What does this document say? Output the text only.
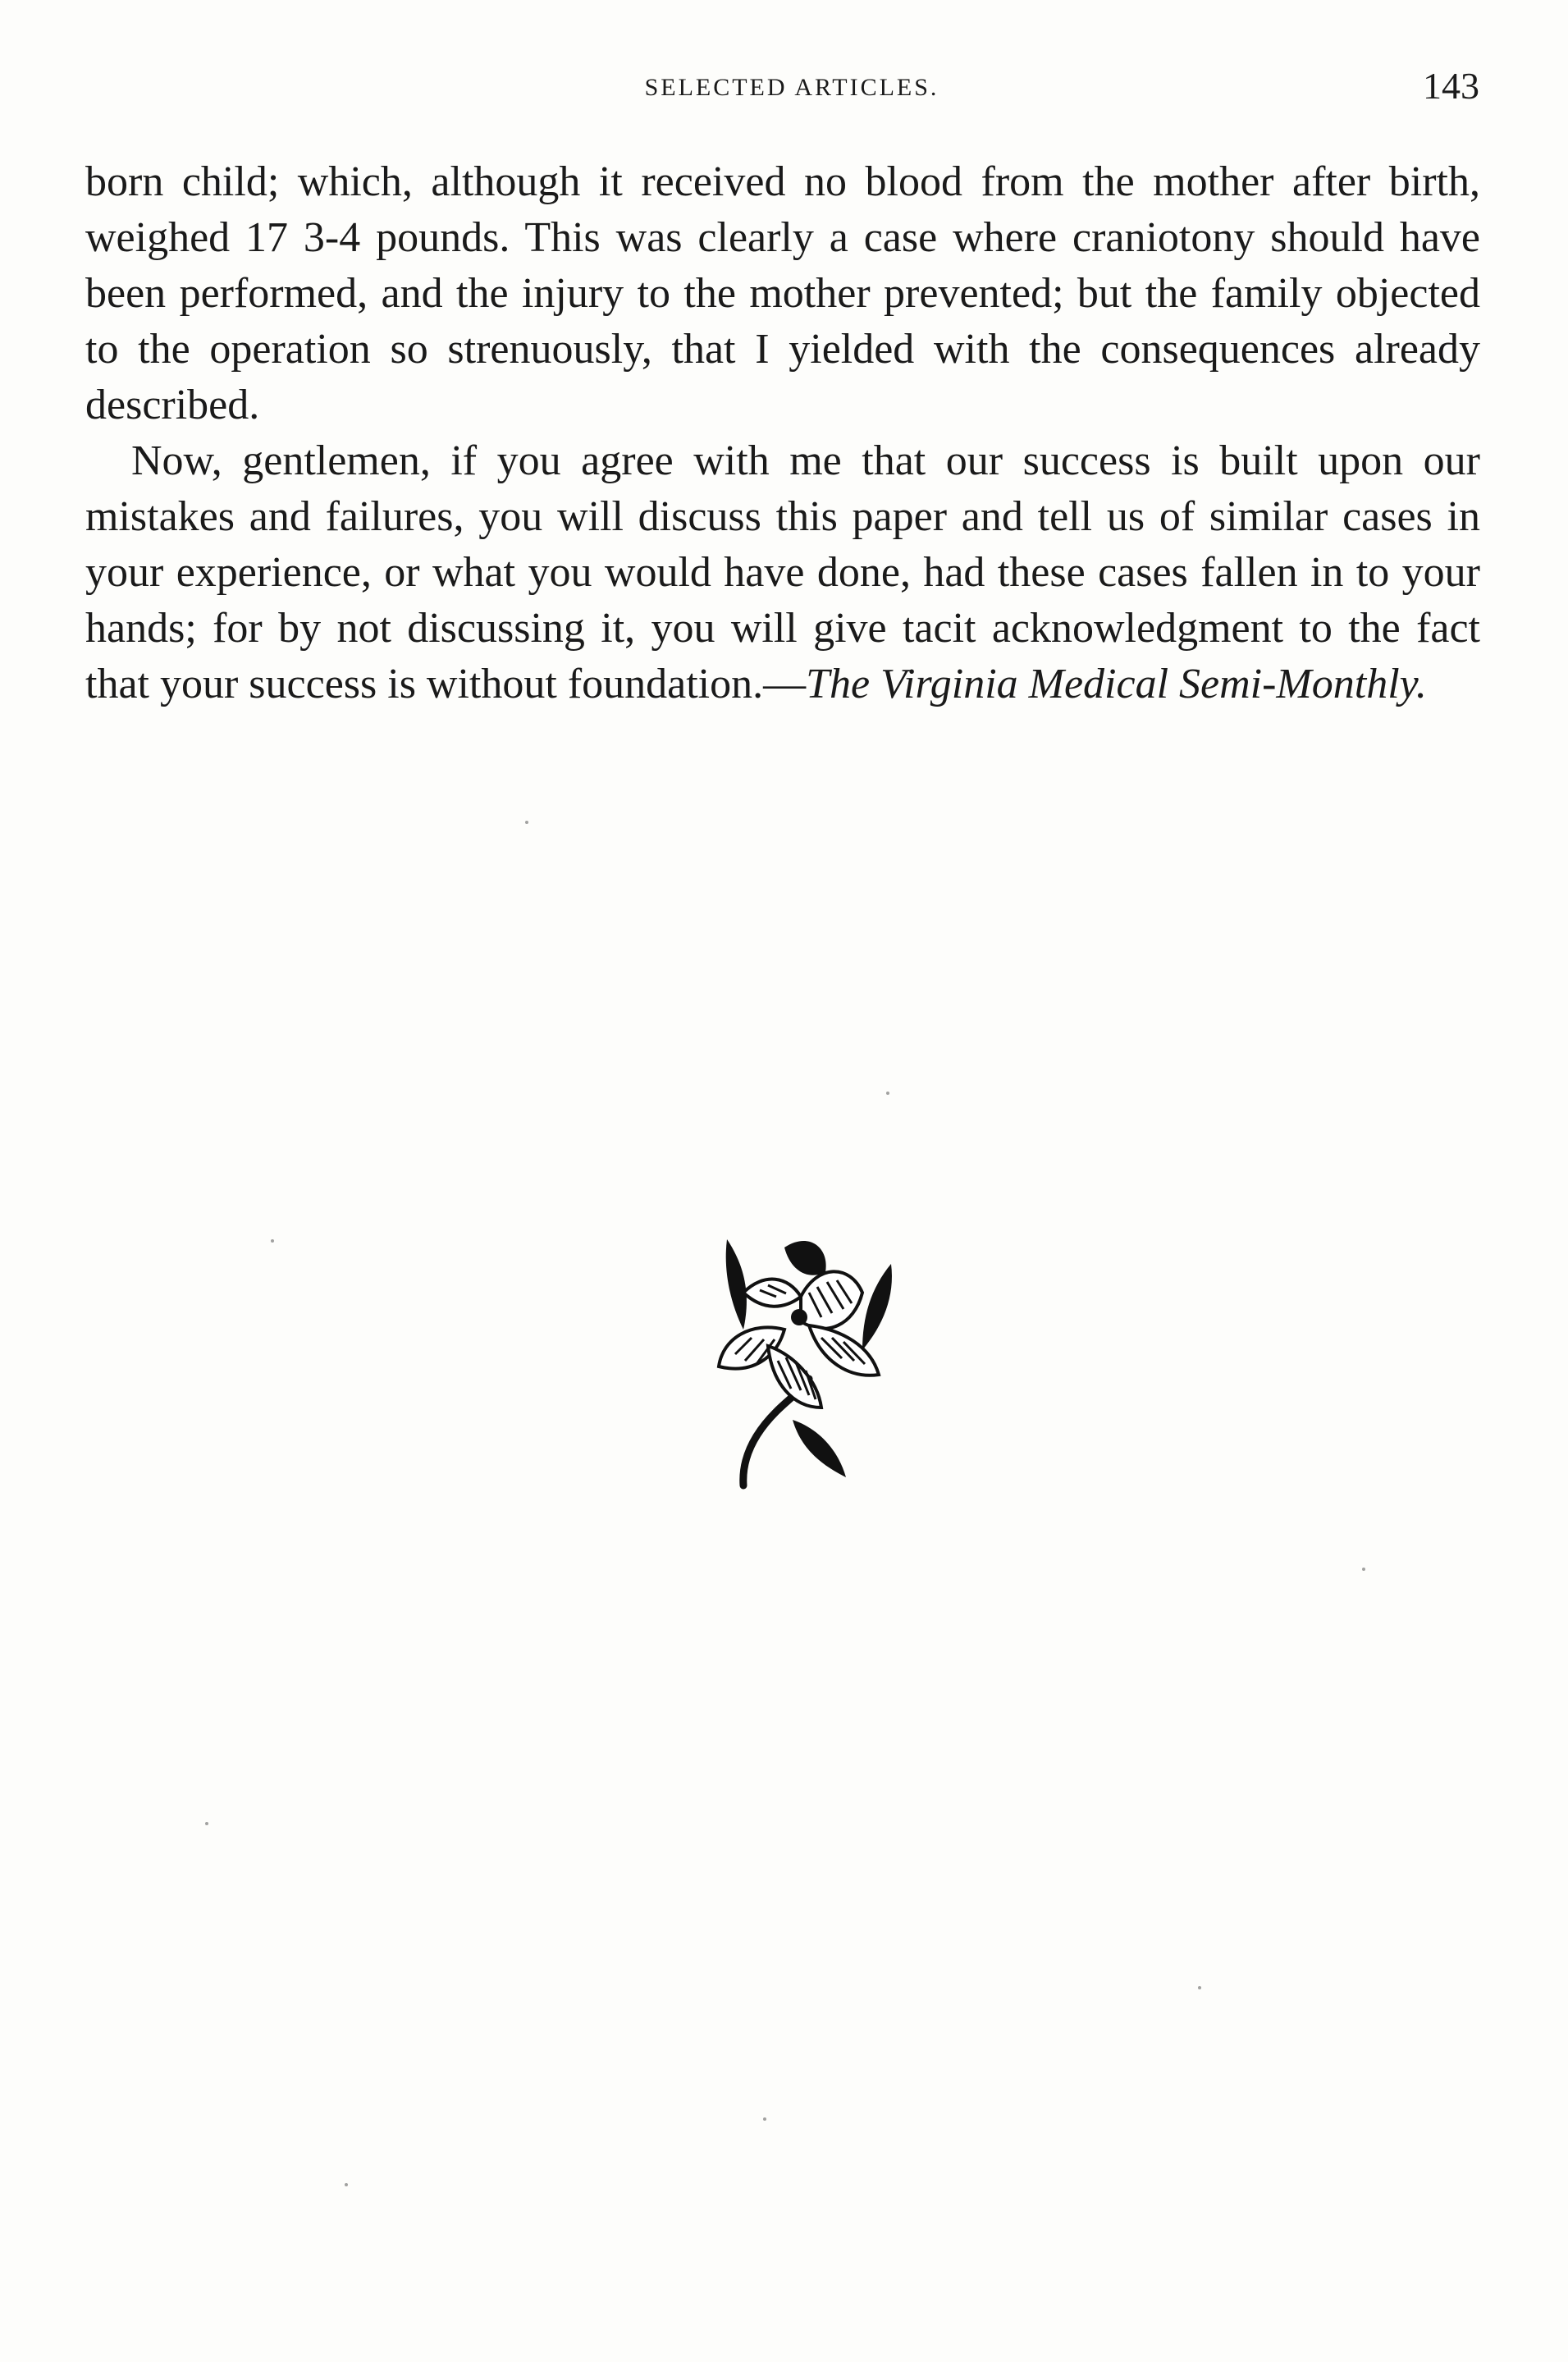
SELECTED ARTICLES.	143

born child; which, although it received no blood from the mother after birth, weighed 17 3-4 pounds. This was clearly a case where craniotony should have been performed, and the injury to the mother prevented; but the family objected to the operation so strenuously, that I yielded with the consequences already described.

Now, gentlemen, if you agree with me that our success is built upon our mistakes and failures, you will discuss this paper and tell us of similar cases in your experience, or what you would have done, had these cases fallen in to your hands; for by not discussing it, you will give tacit acknowledgment to the fact that your success is without foundation.—The Virginia Medical Semi-Monthly.
